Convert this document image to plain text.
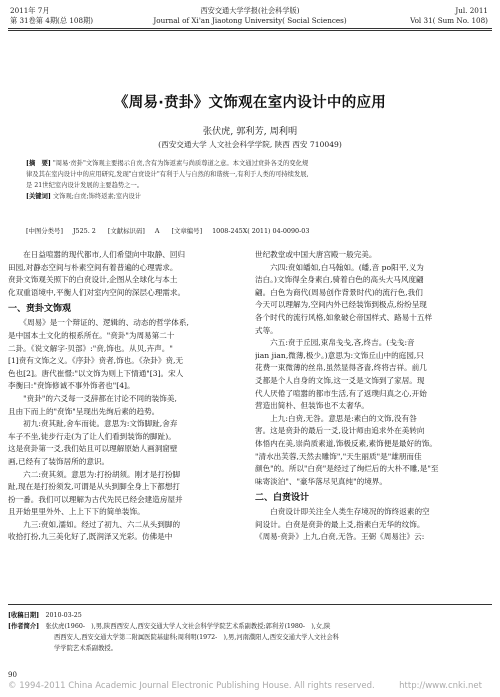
2011年 7月
第 31卷第 4期(总 108期)
西安交通大学学报(社会科学版)
Journal of Xi'an Jiaotong University( Social Sciences)
Jul. 2011
Vol 31( Sum No. 108)
《周易·贲卦》文饰观在室内设计中的应用
张伏虎, 郭利芳, 周利明
(西安交通大学 人文社会科学学院, 陕西 西安 710049)

[摘　要] "周易·贲卦"文饰观主要揭示自贲,含有为饰返素与尚质尊道之意。本文通过贲卦各爻的变化规

律及其在室内设计中的应用研究,发现"白贲设计"有利于人与自然的和谐统一,有利于人类的可持续发展,

是 21世纪室内设计发展的主要趋势之一。

[关键词] 文饰观;白贲;饰终返素;室内设计

[中图分类号] J525. 2 [文献标识码] A [文章编号] 1008-245X( 2011) 04-0090-03

　　在日益喧嚣的现代都市,人们希望向中取静、回归

田园,对静态空间与朴素空间有着普遍的心理需求。

贲卦文饰观关照下的白贲设计,企图从全球化与本土

化双重语境中,平衡人们对室内空间的深层心理需求。

一、贲卦文饰观

　　《周易》是一个辩证的、逻辑的、动态的哲学体系,

是中国本土文化的根系所在。"贲卦"为周易第二十

二卦。《说文解字·贝部》:"贲,饰也。从贝,卉声。"

[1]贲有文饰之义。《序卦》贲者,饰也。《杂卦》贲,无

色也[2]。唐代崔憬:"以文饰为则上下情通"[3]。宋人

李衡曰:"贲饰修诚不事外饰者也"[4]。

　　"贲卦"的六爻每一爻辞都在讨论不同的装饰美,

且由下而上的"贲饰"呈现出先绚后素的趋势。

　　初九:贲其趾,舍车而徒。意思为:文饰脚趾,舍弃

车子不坐,徒步行走(为了让人们看到装饰的脚趾)。

这是贲卦第一爻,我们姑且可以理解原始人画洞窟壁

画,已经有了装饰居所的意识。

　　六二:贲其须。意思为:打扮胡须。刚才是打扮脚

趾,现在是打扮须发,可谓是从头到脚全身上下都想打

扮一番。我们可以理解为古代先民已经会建造房屋并

且开始里里外外、上上下下的简单装饰。

　　九三:贲如,濡如。经过了初九、六二从头到脚的

收拾打扮,九三美化好了,既润泽又光彩。仿佛是中

世纪教堂或中国大唐宫殿一般完美。

　　六四:贲如皤如,白马翰如。(皤,音 po阳平,义为

洁白。)文饰得全身素白,骑着白色的高头大马风度翩

翩。白色为商代(周易创作背景时代)的流行色,我们

今天可以理解为,空间内外已经装饰到极点,纷纷呈现

各个时代的流行风格,如象破仑帝国样式、路易十五样

式等。

　　六五:贲于丘园,束帛戋戋,吝,终吉。(戋戋:音

jian jian,微薄,极少。)意思为:文饰丘山中的庭园,只

花费一束微薄的丝帛,虽然显得吝啬,终将吉祥。前几

爻都是个人自身的文饰,这一爻是文饰到了家居。现

代人厌倦了喧嚣的都市生活,有了返璞归真之心,开始

营造出简朴、但装饰也不太奢华。

　　上九:白贲,无咎。意思是:素白的文饰,没有咎

害。这是贲卦的最后一爻,设计师由追求外在美转向

体悟内在美,崇尚质素道,饰极反素,素饰便是最好的饰。

"清水出芙蓉,天然去雕饰","天生丽质"是"雄朋而佳

颜色"的。所以"白贲"是经过了绚烂后的大朴不雕,是"至

味寄淡泊"、"豪华落尽见真纯"的境界。

二、白贲设计

　　白贲设计即关注全人类生存境况的饰终返素的空

间设计。白贲是贲卦的最上爻,指素白无华的纹饰。

《周易·贲卦》上九,白贲,无咎。王弼《周易注》云:

[收稿日期]　 2010-03-25

[作者简介]　 张伏虎(1960-　),男,陕西西安人,西安交通大学人文社会科学学院艺术系副教授;郭利芳(1980-　),女,陕

西西安人,西安交通大学第二附属医院基建科;周利明(1972-　),男,河南濮阳人,西安交通大学人文社会科

学学院艺术系副教授。

90
© 1994-2011 China Academic Journal Electronic Publishing House. All rights reserved.	http://www.cnki.net
